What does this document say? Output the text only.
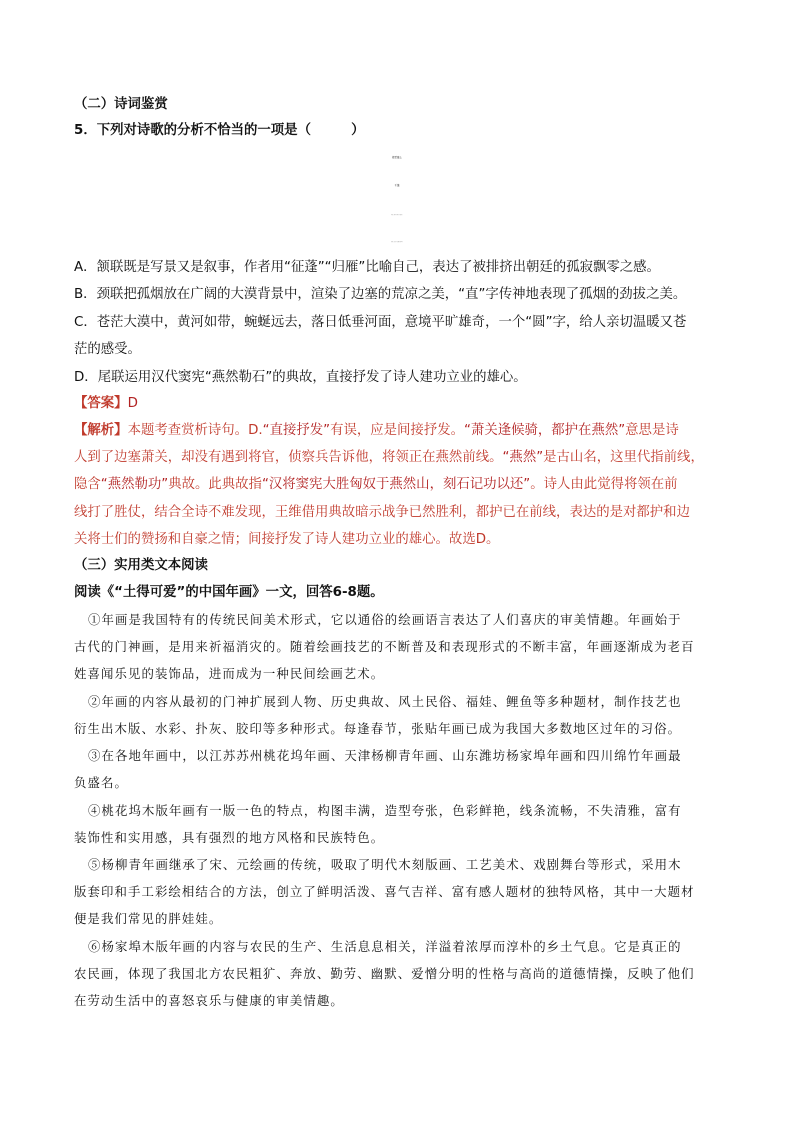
（二）诗词鉴赏
5．下列对诗歌的分析不恰当的一项是（　　　）
使至塞上
王维
A．颔联既是写景又是叙事，作者用“征蓬”“归雁”比喻自己，表达了被排挤出朝廷的孤寂飘零之感。
B．颈联把孤烟放在广阔的大漠背景中，渲染了边塞的荒凉之美，“直”字传神地表现了孤烟的劲拔之美。
C．苍茫大漠中，黄河如带，蜿蜒远去，落日低垂河面，意境平旷雄奇，一个“圆”字，给人亲切温暖又苍
茫的感受。
D．尾联运用汉代窦宪“燕然勒石”的典故，直接抒发了诗人建功立业的雄心。
【答案】D
【解析】本题考查赏析诗句。D.“直接抒发”有误，应是间接抒发。“萧关逢候骑，都护在燕然”意思是诗
人到了边塞萧关，却没有遇到将官，侦察兵告诉他，将领正在燕然前线。“燕然”是古山名，这里代指前线，
隐含“燕然勒功”典故。此典故指“汉将窦宪大胜匈奴于燕然山，刻石记功以还”。诗人由此觉得将领在前
线打了胜仗，结合全诗不难发现，王维借用典故暗示战争已然胜利，都护已在前线，表达的是对都护和边
关将士们的赞扬和自豪之情；间接抒发了诗人建功立业的雄心。故选D。
（三）实用类文本阅读
阅读《“土得可爱”的中国年画》一文，回答6-8题。
①年画是我国特有的传统民间美术形式，它以通俗的绘画语言表达了人们喜庆的审美情趣。年画始于
古代的门神画，是用来祈福消灾的。随着绘画技艺的不断普及和表现形式的不断丰富，年画逐渐成为老百
姓喜闻乐见的装饰品，进而成为一种民间绘画艺术。
②年画的内容从最初的门神扩展到人物、历史典故、风土民俗、福娃、鲤鱼等多种题材，制作技艺也
衍生出木版、水彩、扑灰、胶印等多种形式。每逢春节，张贴年画已成为我国大多数地区过年的习俗。
③在各地年画中，以江苏苏州桃花坞年画、天津杨柳青年画、山东潍坊杨家埠年画和四川绵竹年画最
负盛名。
④桃花坞木版年画有一版一色的特点，构图丰满，造型夸张，色彩鲜艳，线条流畅，不失清雅，富有
装饰性和实用感，具有强烈的地方风格和民族特色。
⑤杨柳青年画继承了宋、元绘画的传统，吸取了明代木刻版画、工艺美术、戏剧舞台等形式，采用木
版套印和手工彩绘相结合的方法，创立了鲜明活泼、喜气吉祥、富有感人题材的独特风格，其中一大题材
便是我们常见的胖娃娃。
⑥杨家埠木版年画的内容与农民的生产、生活息息相关，洋溢着浓厚而淳朴的乡土气息。它是真正的
农民画，体现了我国北方农民粗犷、奔放、勤劳、幽默、爱憎分明的性格与高尚的道德情操，反映了他们
在劳动生活中的喜怒哀乐与健康的审美情趣。
